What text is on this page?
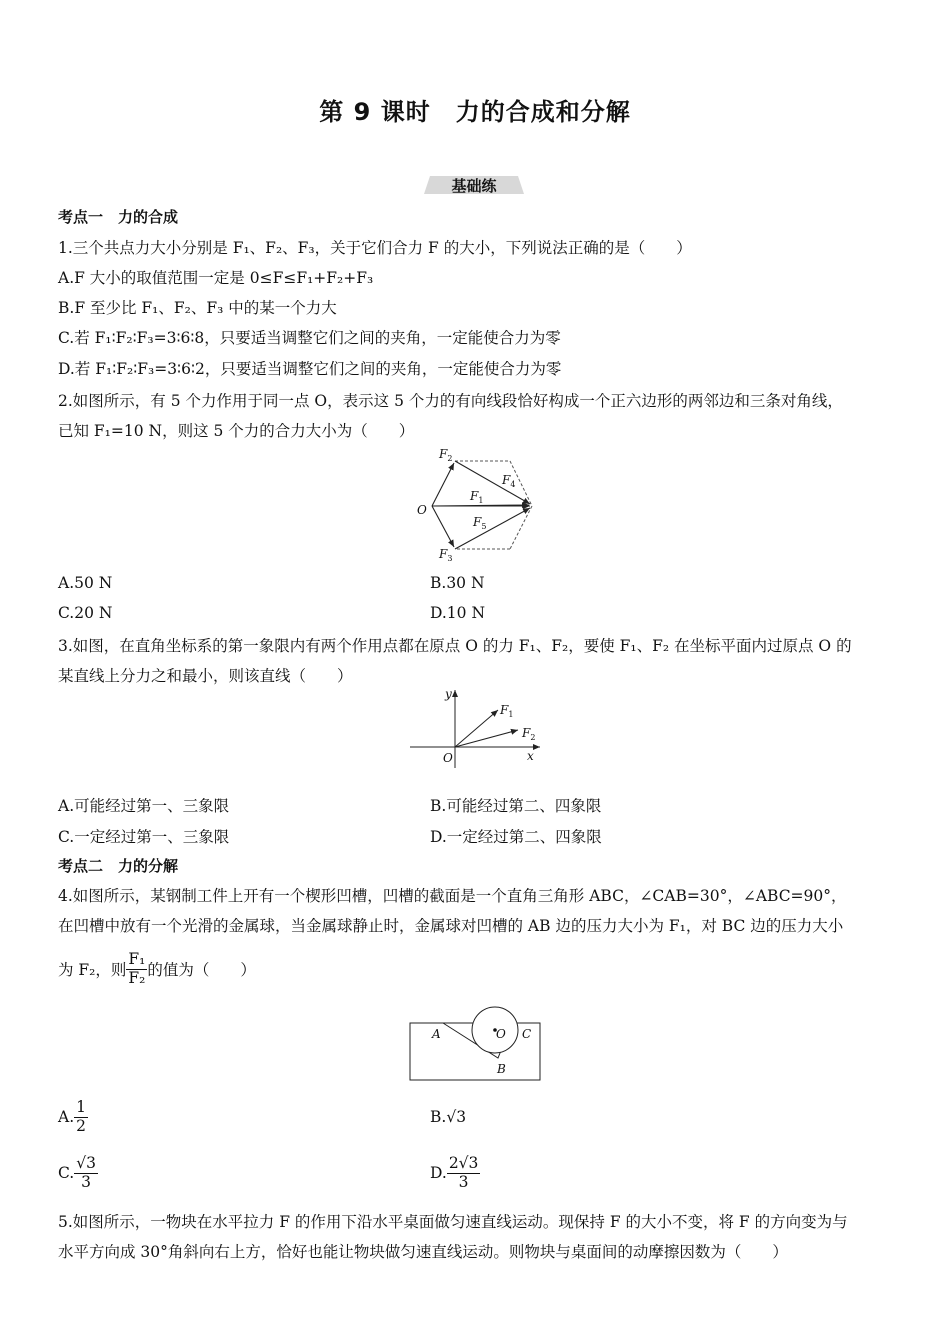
第 9 课时　力的合成和分解
基础练
考点一　力的合成
1.三个共点力大小分别是 F₁、F₂、F₃，关于它们合力 F 的大小，下列说法正确的是（　　）
A.F 大小的取值范围一定是 0≤F≤F₁+F₂+F₃
B.F 至少比 F₁、F₂、F₃ 中的某一个力大
C.若 F₁∶F₂∶F₃=3∶6∶8，只要适当调整它们之间的夹角，一定能使合力为零
D.若 F₁∶F₂∶F₃=3∶6∶2，只要适当调整它们之间的夹角，一定能使合力为零
2.如图所示，有 5 个力作用于同一点 O，表示这 5 个力的有向线段恰好构成一个正六边形的两邻边和三条对角线，
已知 F₁=10 N，则这 5 个力的合力大小为（　　）
O
$F_1$
$F_2$
$F_3$
$F_4$
$F_5$
A.50 N	B.30 N
C.20 N	D.10 N
3.如图，在直角坐标系的第一象限内有两个作用点都在原点 O 的力 F₁、F₂，要使 F₁、F₂ 在坐标平面内过原点 O 的
某直线上分力之和最小，则该直线（　　）
y
x
O
$F_1$
$F_2$
A.可能经过第一、三象限	B.可能经过第二、四象限
C.一定经过第一、三象限	D.一定经过第二、四象限
考点二　力的分解
4.如图所示，某钢制工件上开有一个楔形凹槽，凹槽的截面是一个直角三角形 ABC，∠CAB=30°，∠ABC=90°，
在凹槽中放有一个光滑的金属球，当金属球静止时，金属球对凹槽的 AB 边的压力大小为 F₁，对 BC 边的压力大小
为 F₂，则 $\frac{\text{F₁}}{\text{F₂}}$ 的值为（　　）
A	O C
B
A. $\frac{1}{2}$	B. √3
C. $\frac{√3}{3}$	D. $\frac{2√3}{3}$
5.如图所示，一物块在水平拉力 F 的作用下沿水平桌面做匀速直线运动。现保持 F 的大小不变，将 F 的方向变为与
水平方向成 30°角斜向右上方，恰好也能让物块做匀速直线运动。则物块与桌面间的动摩擦因数为（　　）
